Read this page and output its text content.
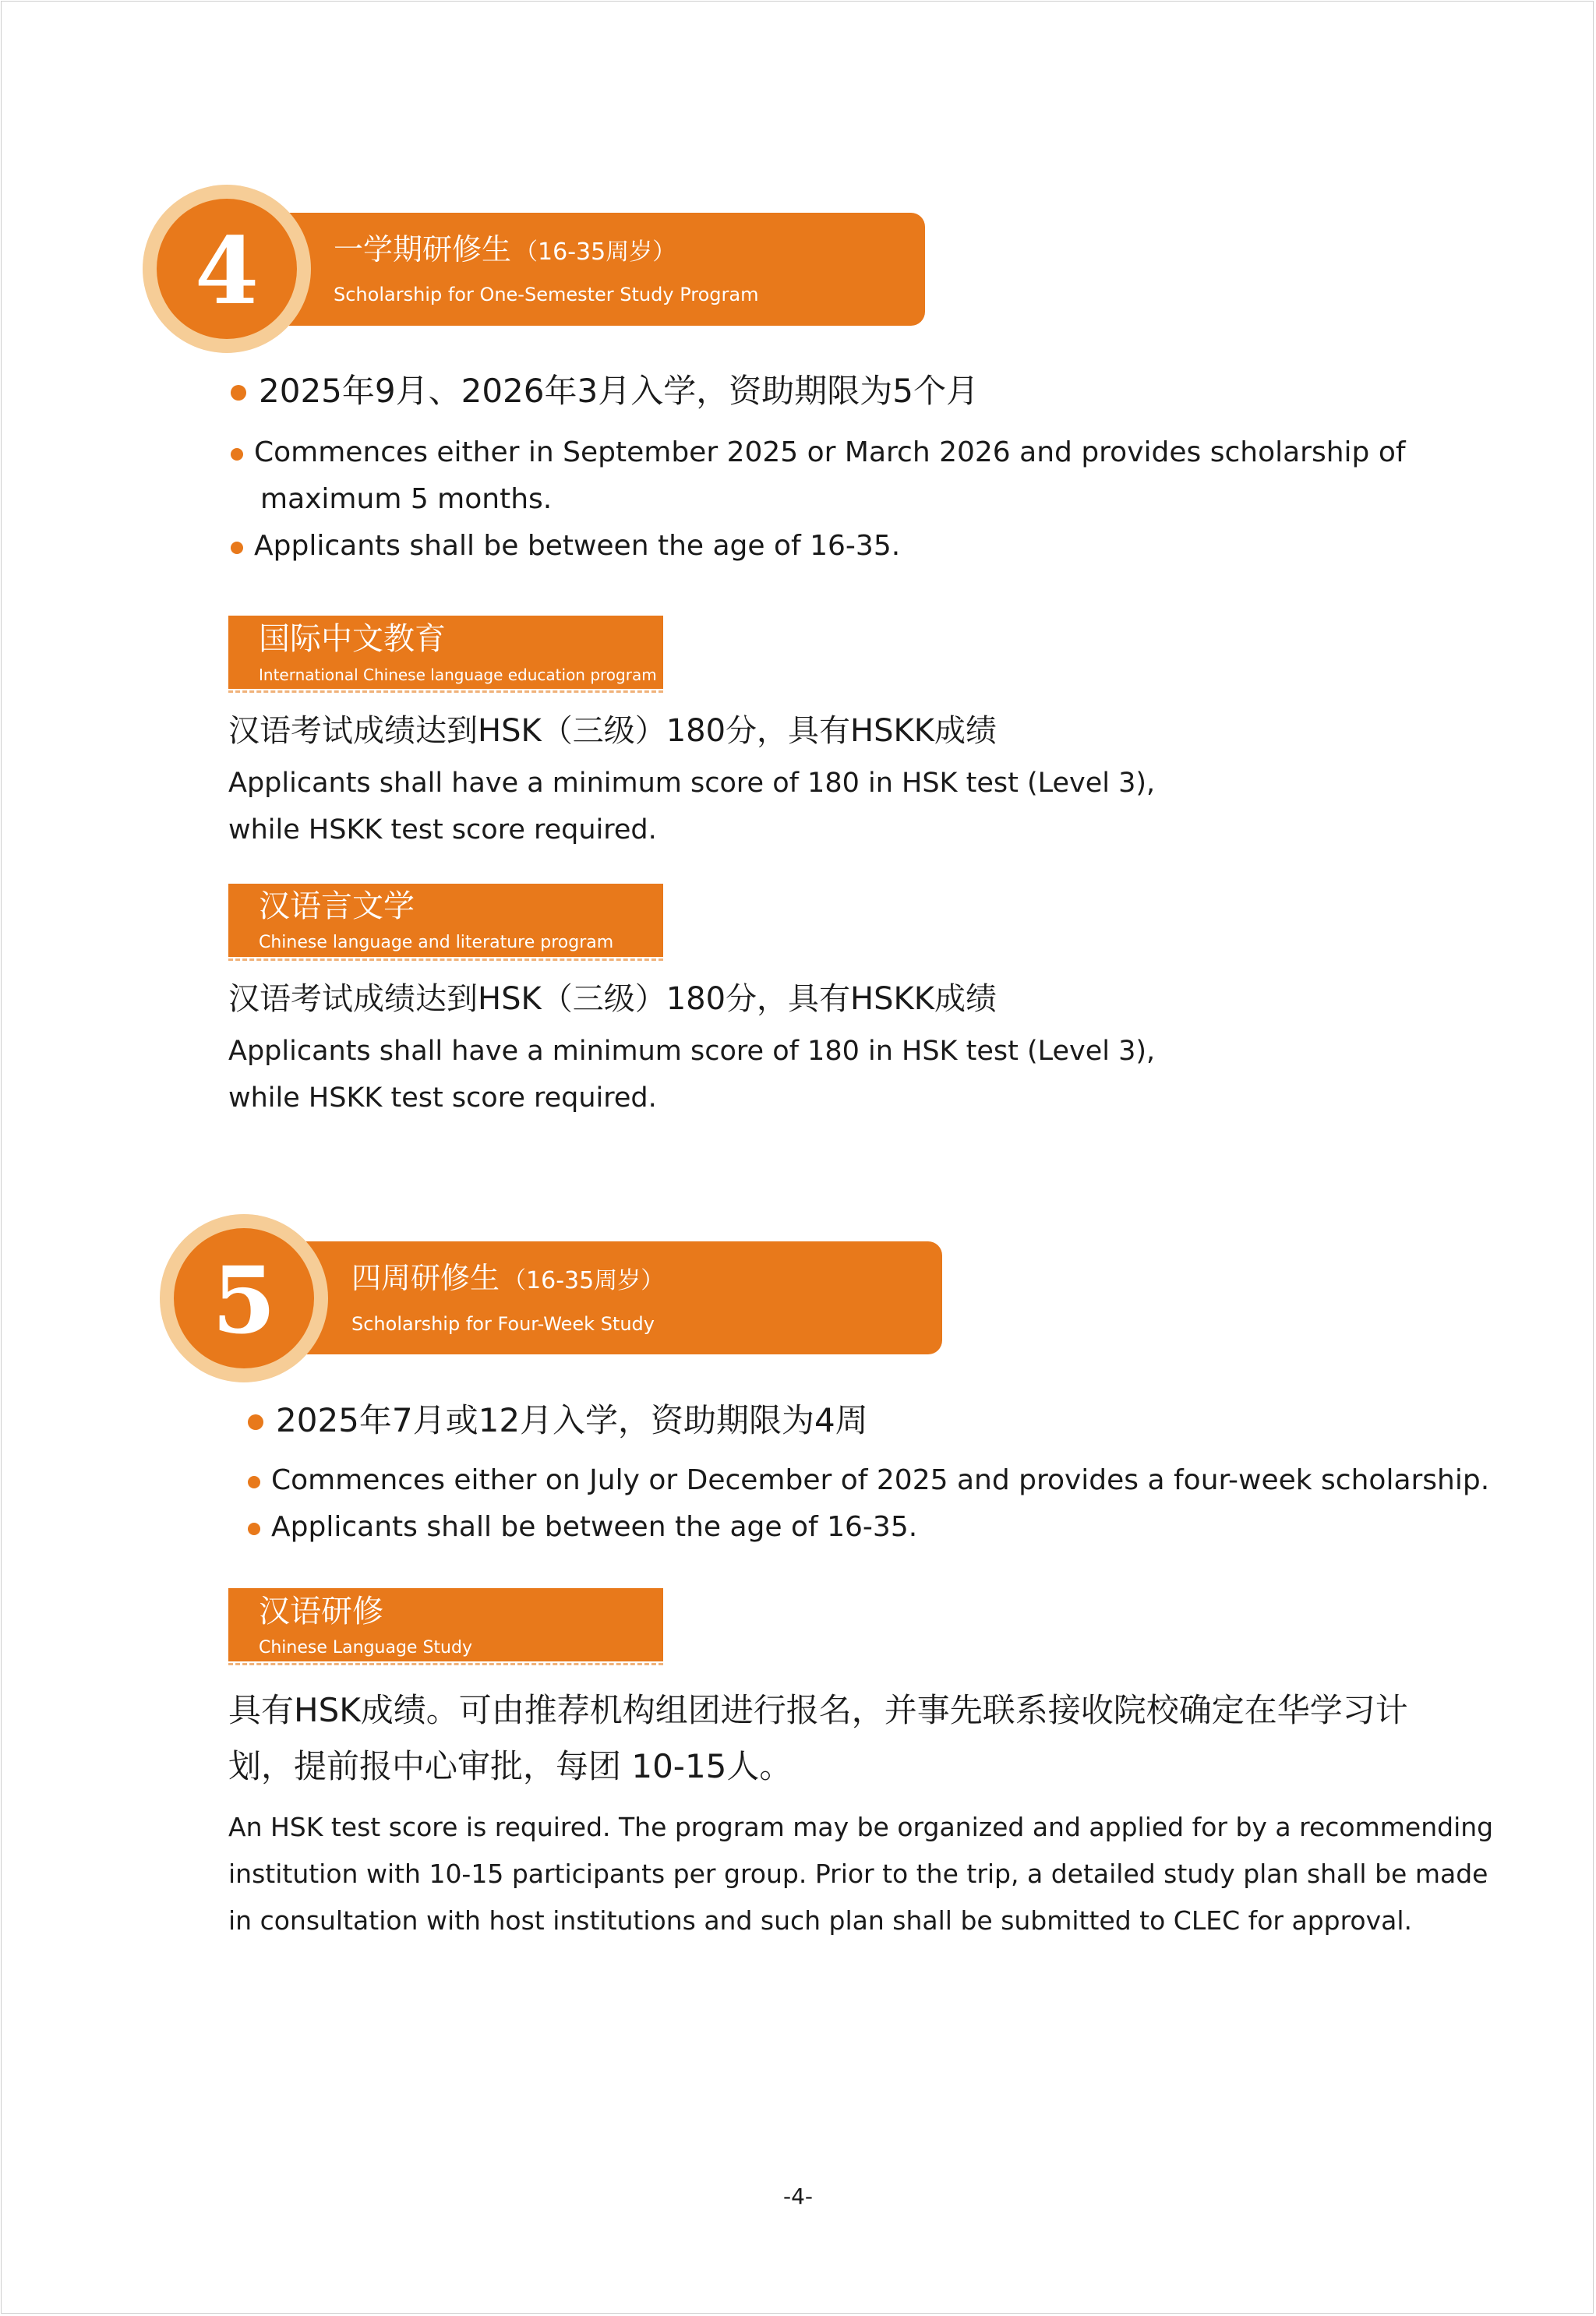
4	一学期研修生 （16-35周岁）
Scholarship for One-Semester Study Program
2025年9月、2026年3月入学，资助期限为5个月
Commences either in September 2025 or March 2026 and provides scholarship of
maximum 5 months.
Applicants shall be between the age of 16-35.
国际中文教育
International Chinese language education program
汉语考试成绩达到HSK（三级）180分，具有HSKK成绩
Applicants shall have a minimum score of 180 in HSK test (Level 3),
while HSKK test score required.
汉语言文学
Chinese language and literature program
汉语考试成绩达到HSK（三级）180分，具有HSKK成绩
Applicants shall have a minimum score of 180 in HSK test (Level 3),
while HSKK test score required.
5	四周研修生 （16-35周岁）
Scholarship for Four-Week Study
2025年7月或12月入学，资助期限为4周
Commences either on July or December of 2025 and provides a four-week scholarship.
Applicants shall be between the age of 16-35.
汉语研修
Chinese Language Study
具有HSK成绩。可由推荐机构组团进行报名，并事先联系接收院校确定在华学习计
划，提前报中心审批，每团 10-15人。
An HSK test score is required. The program may be organized and applied for by a recommending
institution with 10-15 participants per group. Prior to the trip, a detailed study plan shall be made
in consultation with host institutions and such plan shall be submitted to CLEC for approval.
-4-
